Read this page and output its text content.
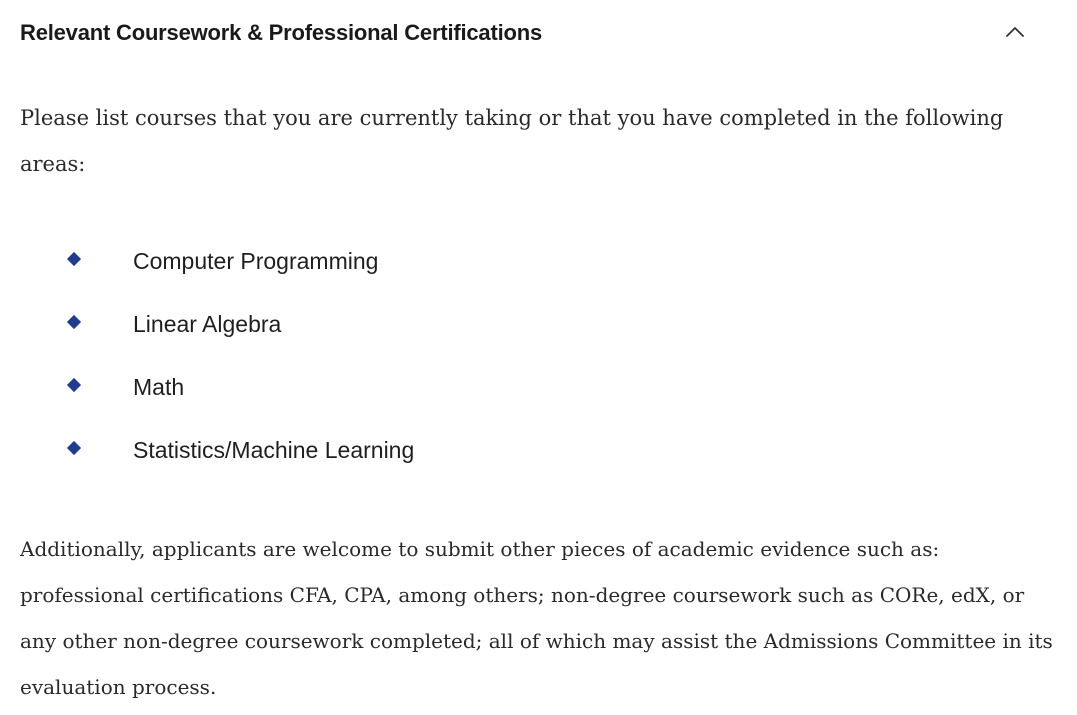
Relevant Coursework & Professional Certifications

Please list courses that you are currently taking or that you have completed in the following areas:

Computer Programming
Linear Algebra
Math
Statistics/Machine Learning

Additionally, applicants are welcome to submit other pieces of academic evidence such as: professional certifications CFA, CPA, among others; non-degree coursework such as CORe, edX, or any other non-degree coursework completed; all of which may assist the Admissions Committee in its evaluation process.
